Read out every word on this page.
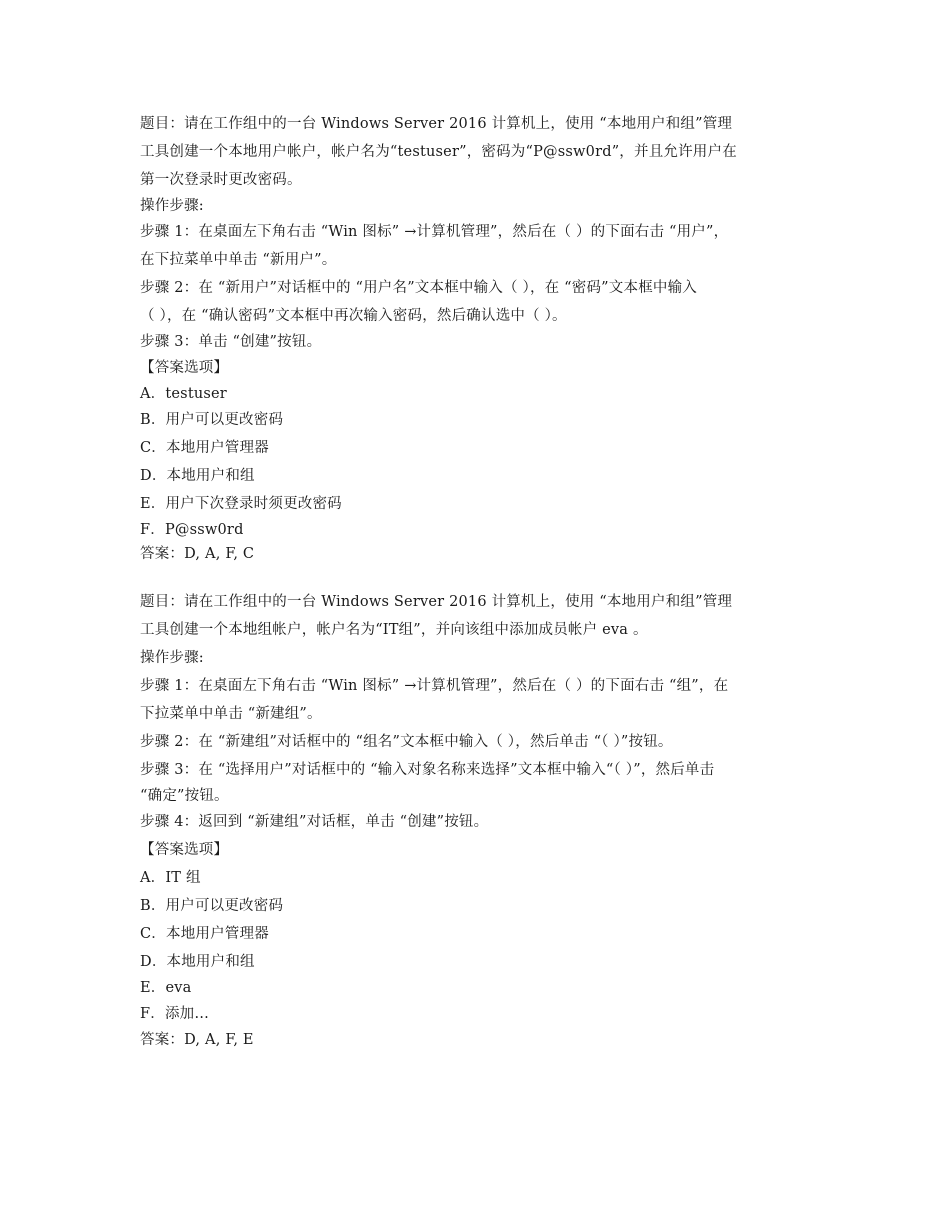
题目：请在工作组中的一台 Windows Server 2016 计算机上，使用 “本地用户和组”管理
工具创建一个本地用户帐户，帐户名为“testuser”，密码为“P@ssw0rd”，并且允许用户在
第一次登录时更改密码。
操作步骤:
步骤 1：在桌面左下角右击 “Win 图标” →计算机管理”，然后在（ ）的下面右击 “用户”，
在下拉菜单中单击 “新用户”。
步骤 2：在 “新用户”对话框中的 “用户名”文本框中输入（ ），在 “密码”文本框中输入
（ ），在 “确认密码”文本框中再次输入密码，然后确认选中（ ）。
步骤 3：单击 “创建”按钮。
【答案选项】
A．testuser
B．用户可以更改密码
C．本地用户管理器
D．本地用户和组
E．用户下次登录时须更改密码
F．P@ssw0rd
答案：D, A, F, C
题目：请在工作组中的一台 Windows Server 2016 计算机上，使用 “本地用户和组”管理
工具创建一个本地组帐户，帐户名为“IT组”，并向该组中添加成员帐户 eva 。
操作步骤:
步骤 1：在桌面左下角右击 “Win 图标” →计算机管理”，然后在（ ）的下面右击 “组”，在
下拉菜单中单击 “新建组”。
步骤 2：在 “新建组”对话框中的 “组名”文本框中输入（ ），然后单击 “（ ）”按钮。
步骤 3：在 “选择用户”对话框中的 “输入对象名称来选择”文本框中输入“（ ）”，然后单击
“确定”按钮。
步骤 4：返回到 “新建组”对话框，单击 “创建”按钮。
【答案选项】
A．IT 组
B．用户可以更改密码
C．本地用户管理器
D．本地用户和组
E．eva
F．添加…
答案：D, A, F, E
